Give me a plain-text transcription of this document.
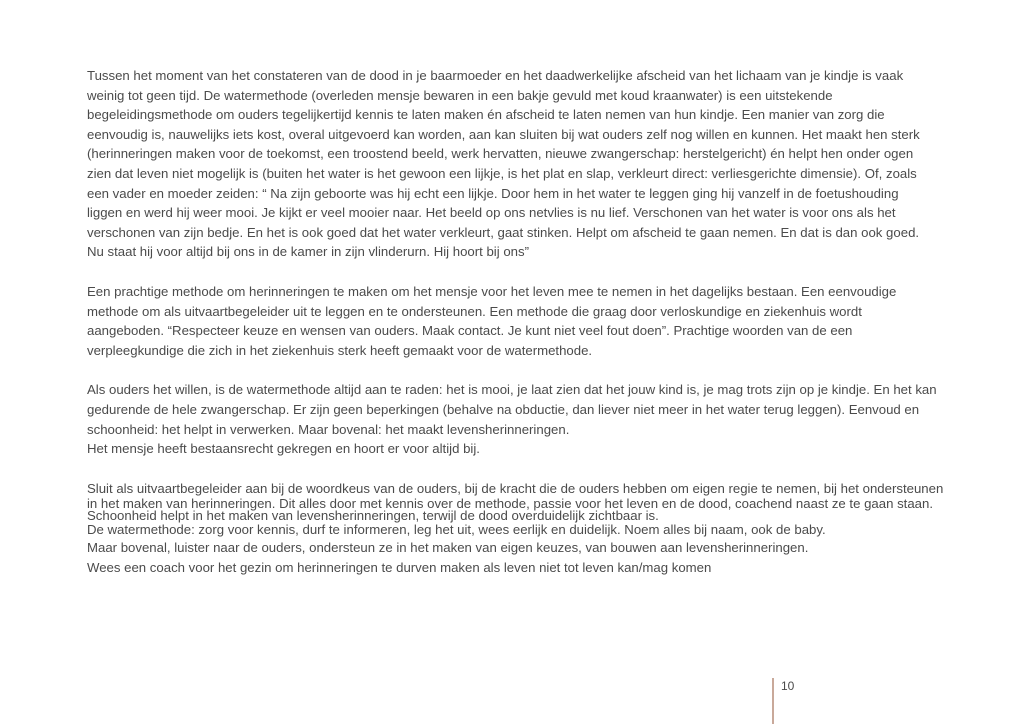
Tussen het moment van het constateren van de dood in je baarmoeder en het daadwerkelijke afscheid van het lichaam van je kindje is vaak
weinig tot geen tijd. De watermethode (overleden mensje bewaren in een bakje gevuld met koud kraanwater) is een uitstekende
begeleidingsmethode om ouders tegelijkertijd kennis te laten maken én afscheid te laten nemen van hun kindje. Een manier van zorg die
eenvoudig is, nauwelijks iets kost, overal uitgevoerd kan worden, aan kan sluiten bij wat ouders zelf nog willen en kunnen. Het maakt hen sterk
(herinneringen maken voor de toekomst, een troostend beeld, werk hervatten, nieuwe zwangerschap: herstelgericht) én helpt hen onder ogen
zien dat leven niet mogelijk is (buiten het water is het gewoon een lijkje, is het plat en slap, verkleurt direct: verliesgerichte dimensie). Of, zoals
een vader en moeder zeiden: “ Na zijn geboorte was hij echt een lijkje. Door hem in het water te leggen ging hij vanzelf in de foetushouding
liggen en werd hij weer mooi. Je kijkt er veel mooier naar. Het beeld op ons netvlies is nu lief. Verschonen van het water is voor ons als het
verschonen van zijn bedje. En het is ook goed dat het water verkleurt, gaat stinken. Helpt om afscheid te gaan nemen. En dat is dan ook goed.
Nu staat hij voor altijd bij ons in de kamer in zijn vlinderurn. Hij hoort bij ons”

Een prachtige methode om herinneringen te maken om het mensje voor het leven mee te nemen in het dagelijks bestaan. Een eenvoudige
methode om als uitvaartbegeleider uit te leggen en te ondersteunen. Een methode die graag door verloskundige en ziekenhuis wordt
aangeboden. “Respecteer keuze en wensen van ouders. Maak contact. Je kunt niet veel fout doen”. Prachtige woorden van de een
verpleegkundige die zich in het ziekenhuis sterk heeft gemaakt voor de watermethode.

Als ouders het willen, is de watermethode altijd aan te raden: het is mooi, je laat zien dat het jouw kind is, je mag trots zijn op je kindje. En het kan
gedurende de hele zwangerschap. Er zijn geen beperkingen (behalve na obductie, dan liever niet meer in het water terug leggen). Eenvoud en
schoonheid: het helpt in verwerken. Maar bovenal: het maakt levensherinneringen.
Het mensje heeft bestaansrecht gekregen en hoort er voor altijd bij.

Sluit als uitvaartbegeleider aan bij de woordkeus van de ouders, bij de kracht die de ouders hebben om eigen regie te nemen, bij het ondersteunen
in het maken van herinneringen. Dit alles door met kennis over de methode, passie voor het leven en de dood, coachend naast ze te gaan staan.
Schoonheid helpt in het maken van levensherinneringen, terwijl de dood overduidelijk zichtbaar is.
De watermethode: zorg voor kennis, durf te informeren, leg het uit, wees eerlijk en duidelijk. Noem alles bij naam, ook de baby.
Maar bovenal, luister naar de ouders, ondersteun ze in het maken van eigen keuzes, van bouwen aan levensherinneringen.
Wees een coach voor het gezin om herinneringen te durven maken als leven niet tot leven kan/mag komen

10
